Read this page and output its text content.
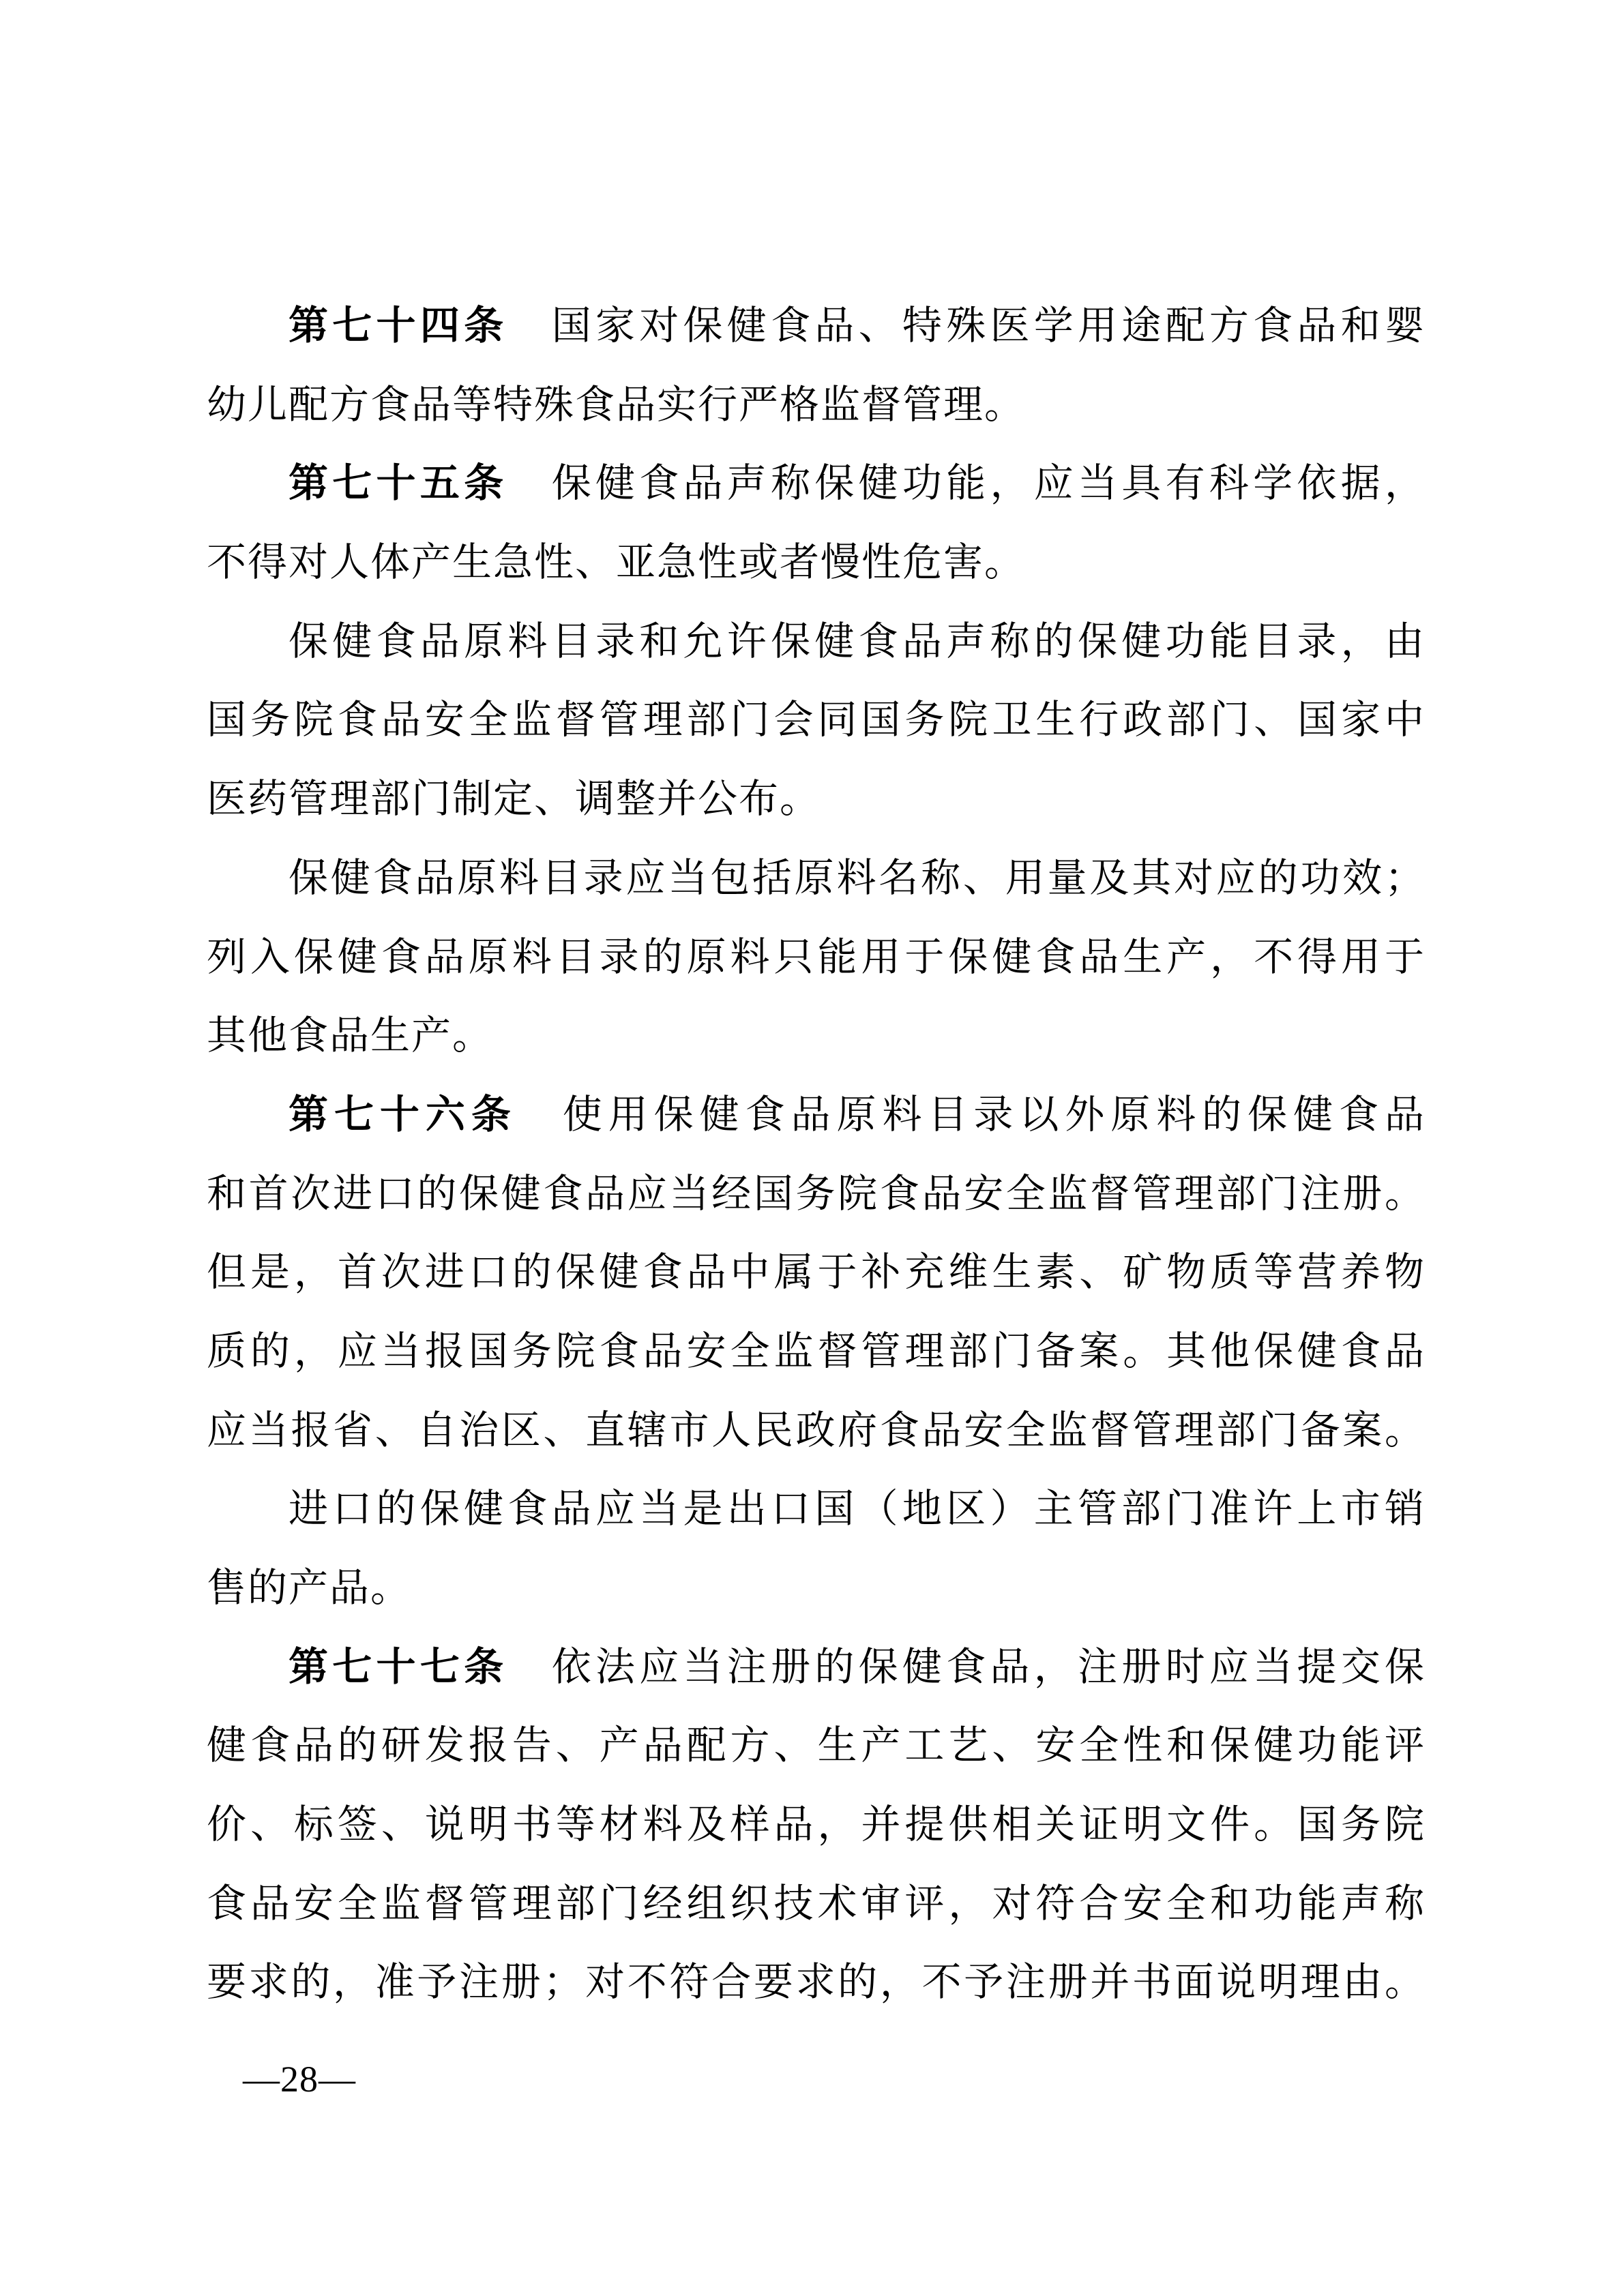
第七十四条　 国家对保健食品、特殊医学用途配方食品和婴
幼儿配方食品等特殊食品实行严格监督管理。
第七十五条　 保健食品声称保健功能，应当具有科学依据，
不得对人体产生急性、亚急性或者慢性危害。
保健食品原料目录和允许保健食品声称的保健功能目录，由
国务院食品安全监督管理部门会同国务院卫生行政部门、国家中
医药管理部门制定、调整并公布。
保健食品原料目录应当包括原料名称、用量及其对应的功效；
列入保健食品原料目录的原料只能用于保健食品生产，不得用于
其他食品生产。
第七十六条　 使用保健食品原料目录以外原料的保健食品
和首次进口的保健食品应当经国务院食品安全监督管理部门注册。
但是，首次进口的保健食品中属于补充维生素、矿物质等营养物
质的，应当报国务院食品安全监督管理部门备案。其他保健食品
应当报省、自治区、直辖市人民政府食品安全监督管理部门备案。
进口的保健食品应当是出口国（地区）主管部门准许上市销
售的产品。
第七十七条　 依法应当注册的保健食品，注册时应当提交保
健食品的研发报告、产品配方、生产工艺、安全性和保健功能评
价、标签、说明书等材料及样品，并提供相关证明文件。国务院
食品安全监督管理部门经组织技术审评，对符合安全和功能声称
要求的，准予注册；对不符合要求的，不予注册并书面说明理由。
—28—
